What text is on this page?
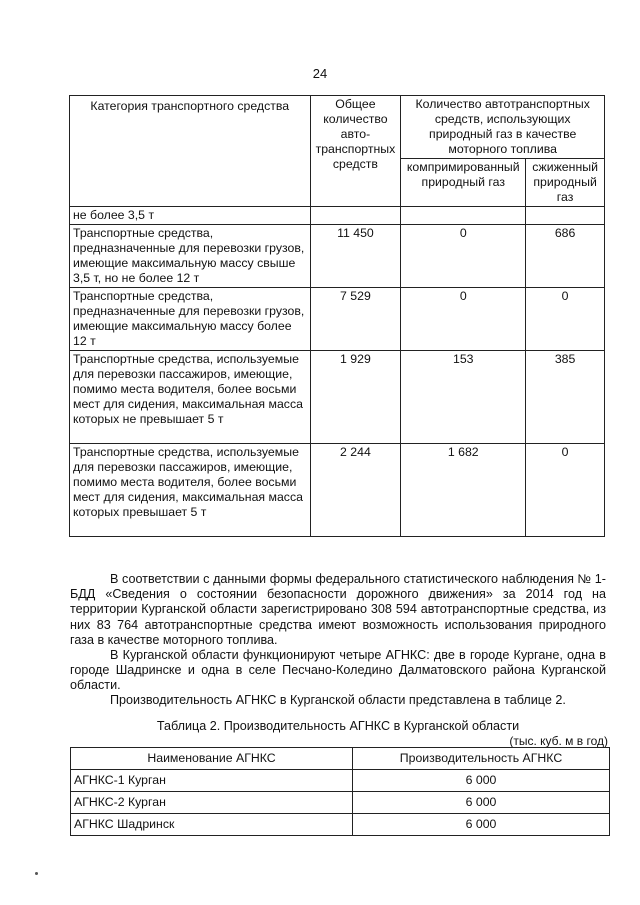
24
Категория транспортного средства	Общее количество авто-транспортных средств	Количество автотранспортных средств, использующих природный газ в качестве моторного топлива	
		компримированный природный газ	сжиженный природный газ
не более 3,5 т			
Транспортные средства, предназначенные для перевозки грузов, имеющие максимальную массу свыше 3,5 т, но не более 12 т	11 450	0	686
Транспортные средства, предназначенные для перевозки грузов, имеющие максимальную массу более 12 т	7 529	0	0
Транспортные средства, используемые для перевозки пассажиров, имеющие, помимо места водителя, более восьми мест для сидения, максимальная масса которых не превышает 5 т	1 929	153	385
Транспортные средства, используемые для перевозки пассажиров, имеющие, помимо места водителя, более восьми мест для сидения, максимальная масса которых превышает 5 т	2 244	1 682	0

В соответствии с данными формы федерального статистического наблюдения № 1-БДД «Сведения о состоянии безопасности дорожного движения» за 2014 год на территории Курганской области зарегистрировано 308 594 автотранспортные средства, из них 83 764 автотранспортные средства имеют возможность использования природного газа в качестве моторного топлива.

В Курганской области функционируют четыре АГНКС: две в городе Кургане, одна в городе Шадринске и одна в селе Песчано-Коледино Далматовского района Курганской области.

Производительность АГНКС в Курганской области представлена в таблице 2.

Таблица 2. Производительность АГНКС в Курганской области
(тыс. куб. м в год)
Наименование АГНКС	Производительность АГНКС
АГНКС-1 Курган	6 000
АГНКС-2 Курган	6 000
АГНКС Шадринск	6 000
